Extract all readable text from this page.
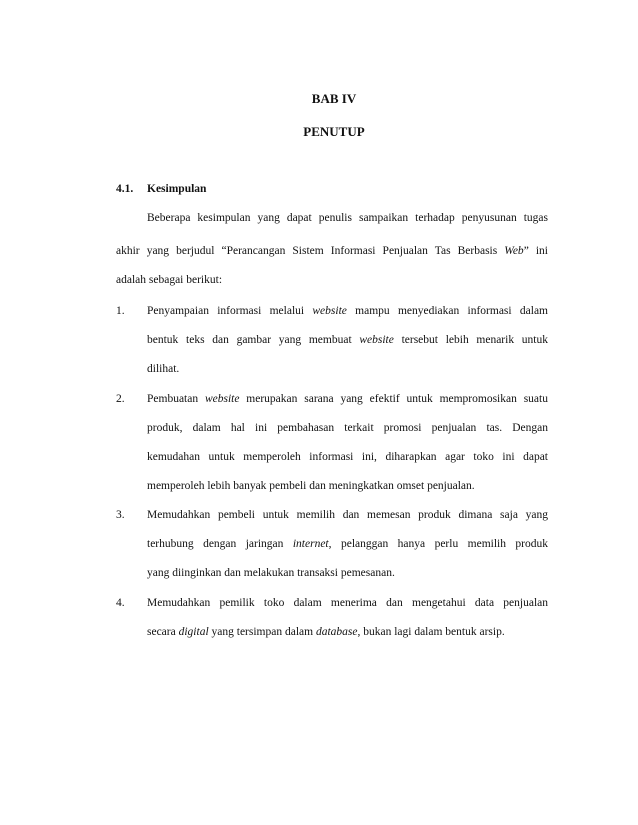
BAB IV
PENUTUP
4.1. Kesimpulan
Beberapa kesimpulan yang dapat penulis sampaikan terhadap penyusunan tugas
akhir yang berjudul “Perancangan Sistem Informasi Penjualan Tas Berbasis Web” ini
adalah sebagai berikut:
1. Penyampaian informasi melalui website mampu menyediakan informasi dalam
bentuk teks dan gambar yang membuat website tersebut lebih menarik untuk
dilihat.
2. Pembuatan website merupakan sarana yang efektif untuk mempromosikan suatu
produk, dalam hal ini pembahasan terkait promosi penjualan tas. Dengan
kemudahan untuk memperoleh informasi ini, diharapkan agar toko ini dapat
memperoleh lebih banyak pembeli dan meningkatkan omset penjualan.
3. Memudahkan pembeli untuk memilih dan memesan produk dimana saja yang
terhubung dengan jaringan internet, pelanggan hanya perlu memilih produk
yang diinginkan dan melakukan transaksi pemesanan.
4. Memudahkan pemilik toko dalam menerima dan mengetahui data penjualan
secara digital yang tersimpan dalam database, bukan lagi dalam bentuk arsip.
